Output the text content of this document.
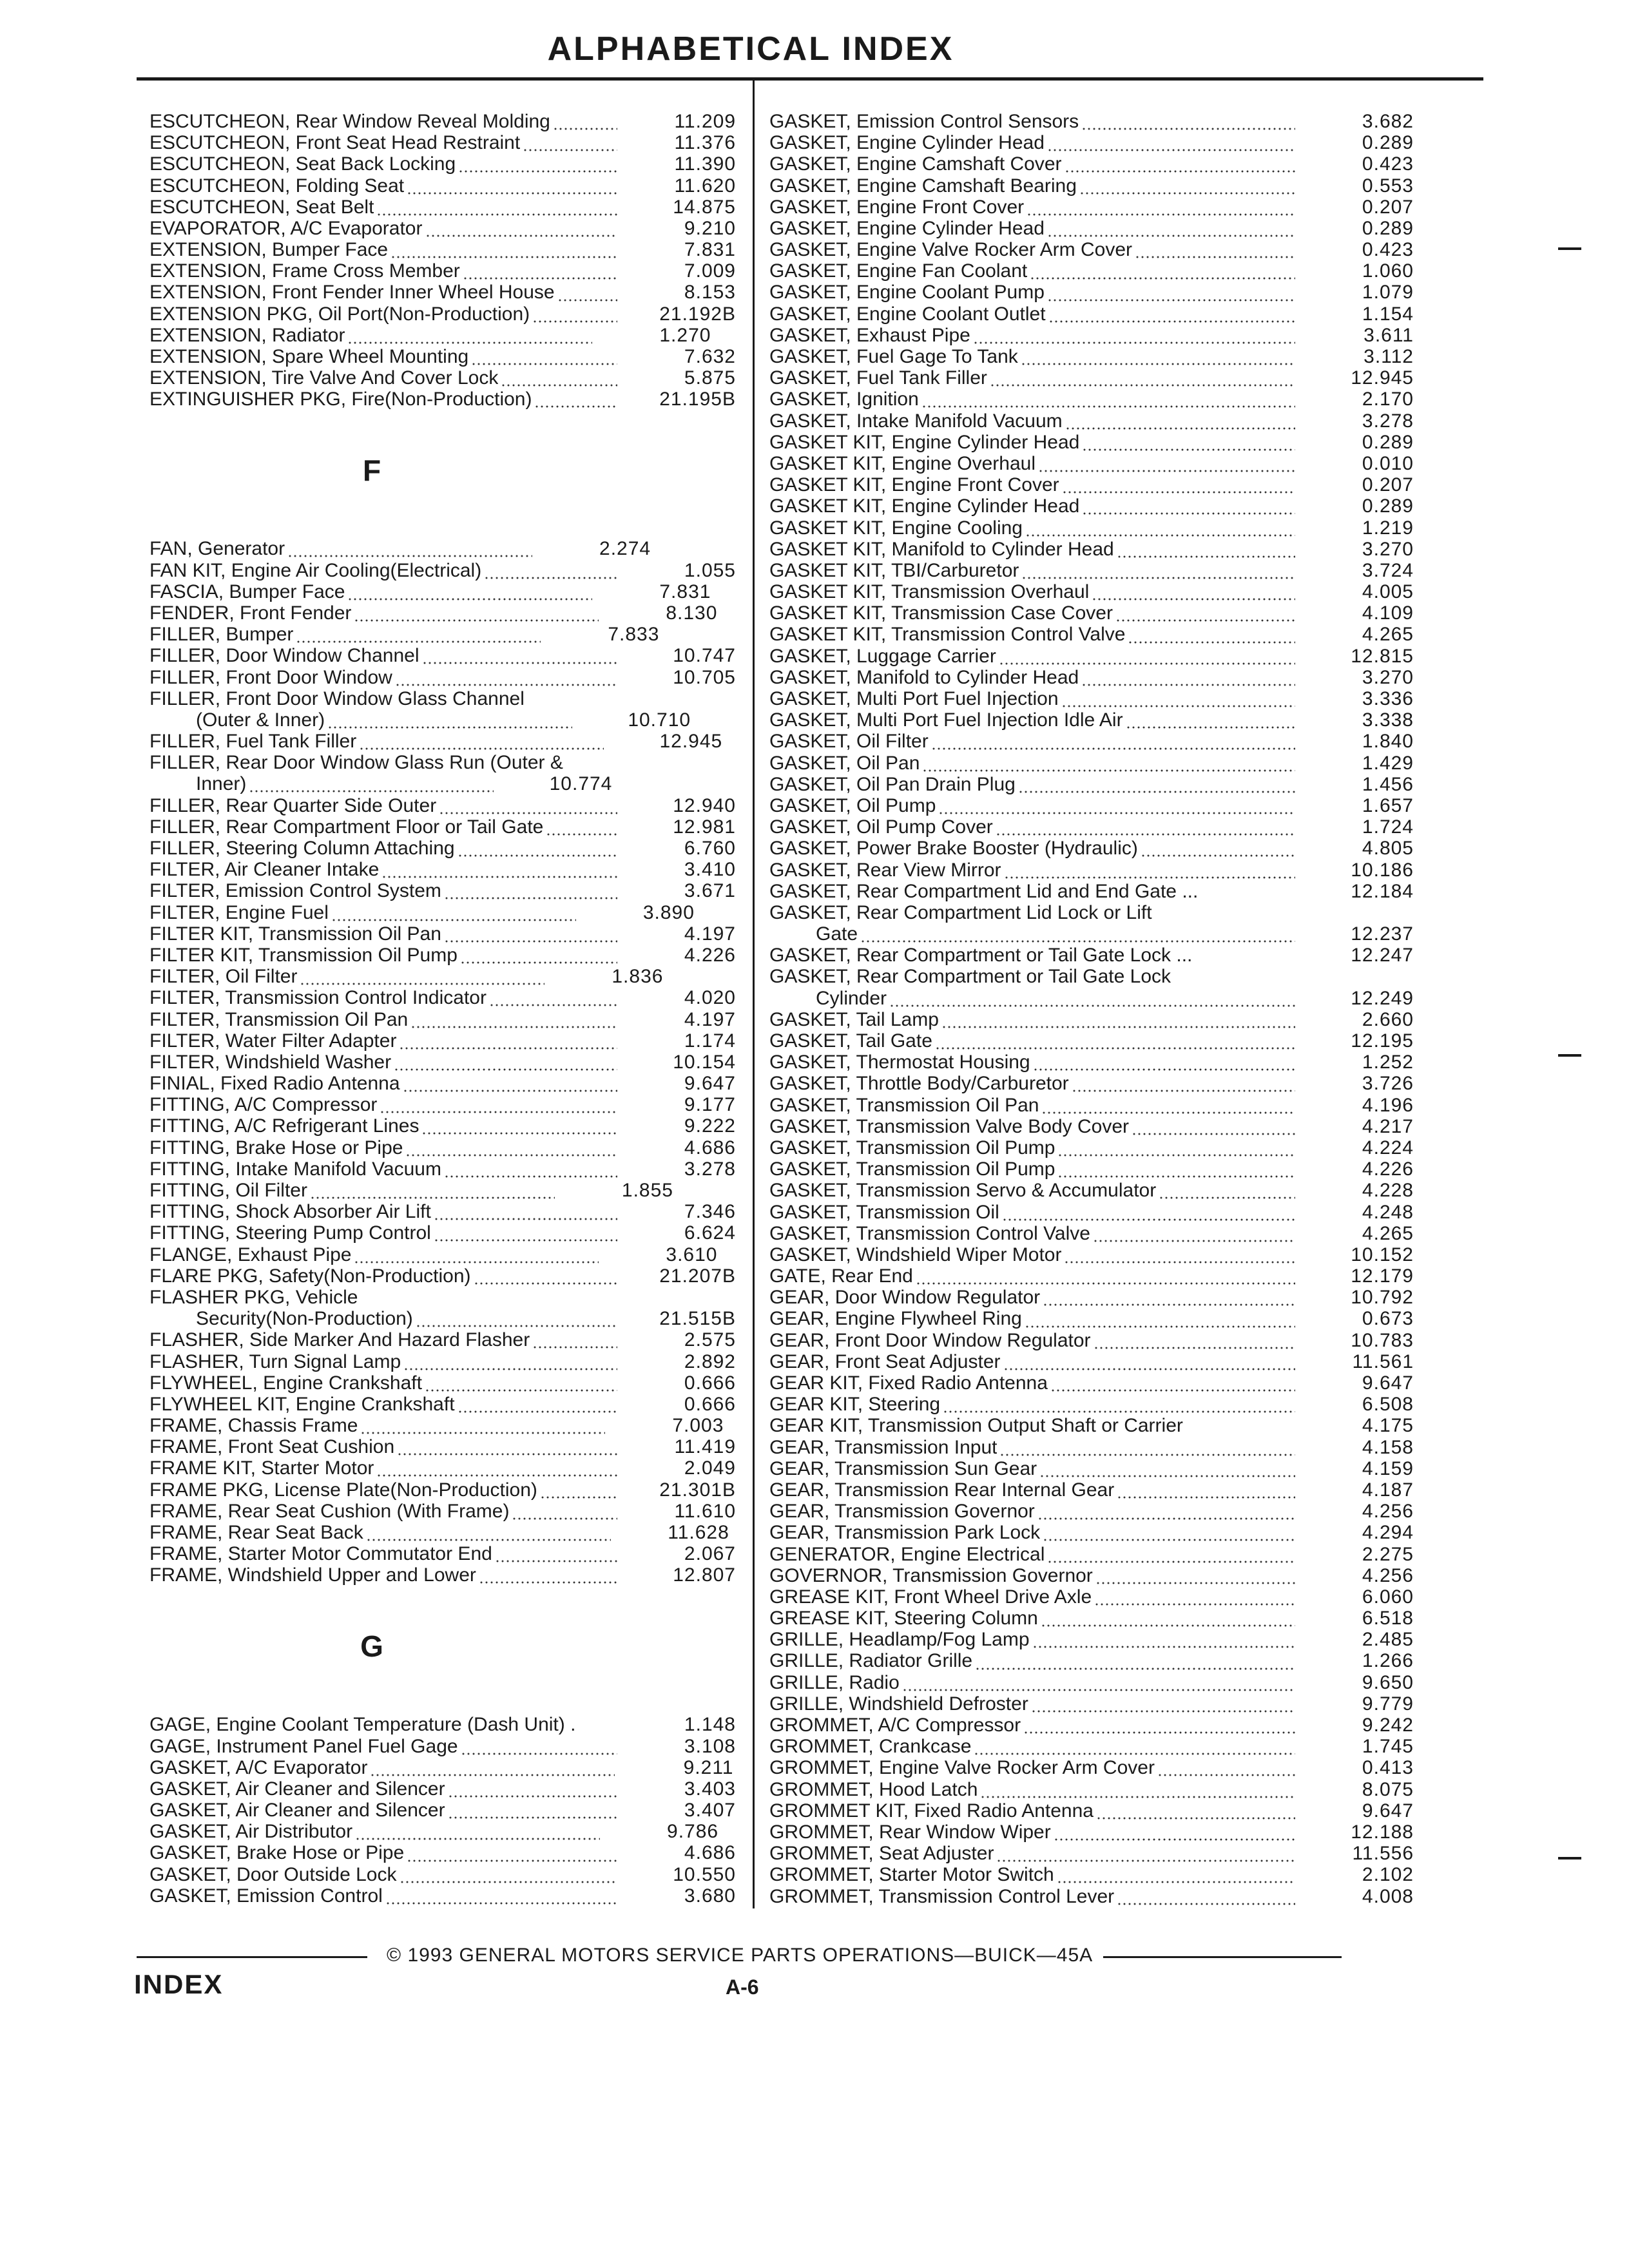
ALPHABETICAL INDEX
ESCUTCHEON, Rear Window Reveal Molding	11.209
ESCUTCHEON, Front Seat Head Restraint	11.376
ESCUTCHEON, Seat Back Locking	11.390
ESCUTCHEON, Folding Seat	11.620
ESCUTCHEON, Seat Belt	14.875
EVAPORATOR, A/C Evaporator	9.210
EXTENSION, Bumper Face	7.831
EXTENSION, Frame Cross Member	7.009
EXTENSION, Front Fender Inner Wheel House	8.153
EXTENSION PKG, Oil Port(Non-Production)	21.192B
EXTENSION, Radiator	1.270
EXTENSION, Spare Wheel Mounting	7.632
EXTENSION, Tire Valve And Cover Lock	5.875
EXTINGUISHER PKG, Fire(Non-Production)	21.195B
F
FAN, Generator	2.274
FAN KIT, Engine Air Cooling(Electrical)	1.055
FASCIA, Bumper Face	7.831
FENDER, Front Fender	8.130
FILLER, Bumper	7.833
FILLER, Door Window Channel	10.747
FILLER, Front Door Window	10.705
FILLER, Front Door Window Glass Channel
(Outer & Inner)	10.710
FILLER, Fuel Tank Filler	12.945
FILLER, Rear Door Window Glass Run (Outer &
Inner)	10.774
FILLER, Rear Quarter Side Outer	12.940
FILLER, Rear Compartment Floor or Tail Gate	12.981
FILLER, Steering Column Attaching	6.760
FILTER, Air Cleaner Intake	3.410
FILTER, Emission Control System	3.671
FILTER, Engine Fuel	3.890
FILTER KIT, Transmission Oil Pan	4.197
FILTER KIT, Transmission Oil Pump	4.226
FILTER, Oil Filter	1.836
FILTER, Transmission Control Indicator	4.020
FILTER, Transmission Oil Pan	4.197
FILTER, Water Filter Adapter	1.174
FILTER, Windshield Washer	10.154
FINIAL, Fixed Radio Antenna	9.647
FITTING, A/C Compressor	9.177
FITTING, A/C Refrigerant Lines	9.222
FITTING, Brake Hose or Pipe	4.686
FITTING, Intake Manifold Vacuum	3.278
FITTING, Oil Filter	1.855
FITTING, Shock Absorber Air Lift	7.346
FITTING, Steering Pump Control	6.624
FLANGE, Exhaust Pipe	3.610
FLARE PKG, Safety(Non-Production)	21.207B
FLASHER PKG, Vehicle
Security(Non-Production)	21.515B
FLASHER, Side Marker And Hazard Flasher	2.575
FLASHER, Turn Signal Lamp	2.892
FLYWHEEL, Engine Crankshaft	0.666
FLYWHEEL KIT, Engine Crankshaft	0.666
FRAME, Chassis Frame	7.003
FRAME, Front Seat Cushion	11.419
FRAME KIT, Starter Motor	2.049
FRAME PKG, License Plate(Non-Production)	21.301B
FRAME, Rear Seat Cushion (With Frame)	11.610
FRAME, Rear Seat Back	11.628
FRAME, Starter Motor Commutator End	2.067
FRAME, Windshield Upper and Lower	12.807
G
GAGE, Engine Coolant Temperature (Dash Unit) .	1.148
GAGE, Instrument Panel Fuel Gage	3.108
GASKET, A/C Evaporator	9.211
GASKET, Air Cleaner and Silencer	3.403
GASKET, Air Cleaner and Silencer	3.407
GASKET, Air Distributor	9.786
GASKET, Brake Hose or Pipe	4.686
GASKET, Door Outside Lock	10.550
GASKET, Emission Control	3.680
GASKET, Emission Control Sensors	3.682
GASKET, Engine Cylinder Head	0.289
GASKET, Engine Camshaft Cover	0.423
GASKET, Engine Camshaft Bearing	0.553
GASKET, Engine Front Cover	0.207
GASKET, Engine Cylinder Head	0.289
GASKET, Engine Valve Rocker Arm Cover	0.423
GASKET, Engine Fan Coolant	1.060
GASKET, Engine Coolant Pump	1.079
GASKET, Engine Coolant Outlet	1.154
GASKET, Exhaust Pipe	3.611
GASKET, Fuel Gage To Tank	3.112
GASKET, Fuel Tank Filler	12.945
GASKET, Ignition	2.170
GASKET, Intake Manifold Vacuum	3.278
GASKET KIT, Engine Cylinder Head	0.289
GASKET KIT, Engine Overhaul	0.010
GASKET KIT, Engine Front Cover	0.207
GASKET KIT, Engine Cylinder Head	0.289
GASKET KIT, Engine Cooling	1.219
GASKET KIT, Manifold to Cylinder Head	3.270
GASKET KIT, TBI/Carburetor	3.724
GASKET KIT, Transmission Overhaul	4.005
GASKET KIT, Transmission Case Cover	4.109
GASKET KIT, Transmission Control Valve	4.265
GASKET, Luggage Carrier	12.815
GASKET, Manifold to Cylinder Head	3.270
GASKET, Multi Port Fuel Injection	3.336
GASKET, Multi Port Fuel Injection Idle Air	3.338
GASKET, Oil Filter	1.840
GASKET, Oil Pan	1.429
GASKET, Oil Pan Drain Plug	1.456
GASKET, Oil Pump	1.657
GASKET, Oil Pump Cover	1.724
GASKET, Power Brake Booster (Hydraulic)	4.805
GASKET, Rear View Mirror	10.186
GASKET, Rear Compartment Lid and End Gate ...	12.184
GASKET, Rear Compartment Lid Lock or Lift
Gate	12.237
GASKET, Rear Compartment or Tail Gate Lock ...	12.247
GASKET, Rear Compartment or Tail Gate Lock
Cylinder	12.249
GASKET, Tail Lamp	2.660
GASKET, Tail Gate	12.195
GASKET, Thermostat Housing	1.252
GASKET, Throttle Body/Carburetor	3.726
GASKET, Transmission Oil Pan	4.196
GASKET, Transmission Valve Body Cover	4.217
GASKET, Transmission Oil Pump	4.224
GASKET, Transmission Oil Pump	4.226
GASKET, Transmission Servo & Accumulator	4.228
GASKET, Transmission Oil	4.248
GASKET, Transmission Control Valve	4.265
GASKET, Windshield Wiper Motor	10.152
GATE, Rear End	12.179
GEAR, Door Window Regulator	10.792
GEAR, Engine Flywheel Ring	0.673
GEAR, Front Door Window Regulator	10.783
GEAR, Front Seat Adjuster	11.561
GEAR KIT, Fixed Radio Antenna	9.647
GEAR KIT, Steering	6.508
GEAR KIT, Transmission Output Shaft or Carrier	4.175
GEAR, Transmission Input	4.158
GEAR, Transmission Sun Gear	4.159
GEAR, Transmission Rear Internal Gear	4.187
GEAR, Transmission Governor	4.256
GEAR, Transmission Park Lock	4.294
GENERATOR, Engine Electrical	2.275
GOVERNOR, Transmission Governor	4.256
GREASE KIT, Front Wheel Drive Axle	6.060
GREASE KIT, Steering Column	6.518
GRILLE, Headlamp/Fog Lamp	2.485
GRILLE, Radiator Grille	1.266
GRILLE, Radio	9.650
GRILLE, Windshield Defroster	9.779
GROMMET, A/C Compressor	9.242
GROMMET, Crankcase	1.745
GROMMET, Engine Valve Rocker Arm Cover	0.413
GROMMET, Hood Latch	8.075
GROMMET KIT, Fixed Radio Antenna	9.647
GROMMET, Rear Window Wiper	12.188
GROMMET, Seat Adjuster	11.556
GROMMET, Starter Motor Switch	2.102
GROMMET, Transmission Control Lever	4.008
© 1993 GENERAL MOTORS SERVICE PARTS OPERATIONS—BUICK—45A
INDEX	A-6
